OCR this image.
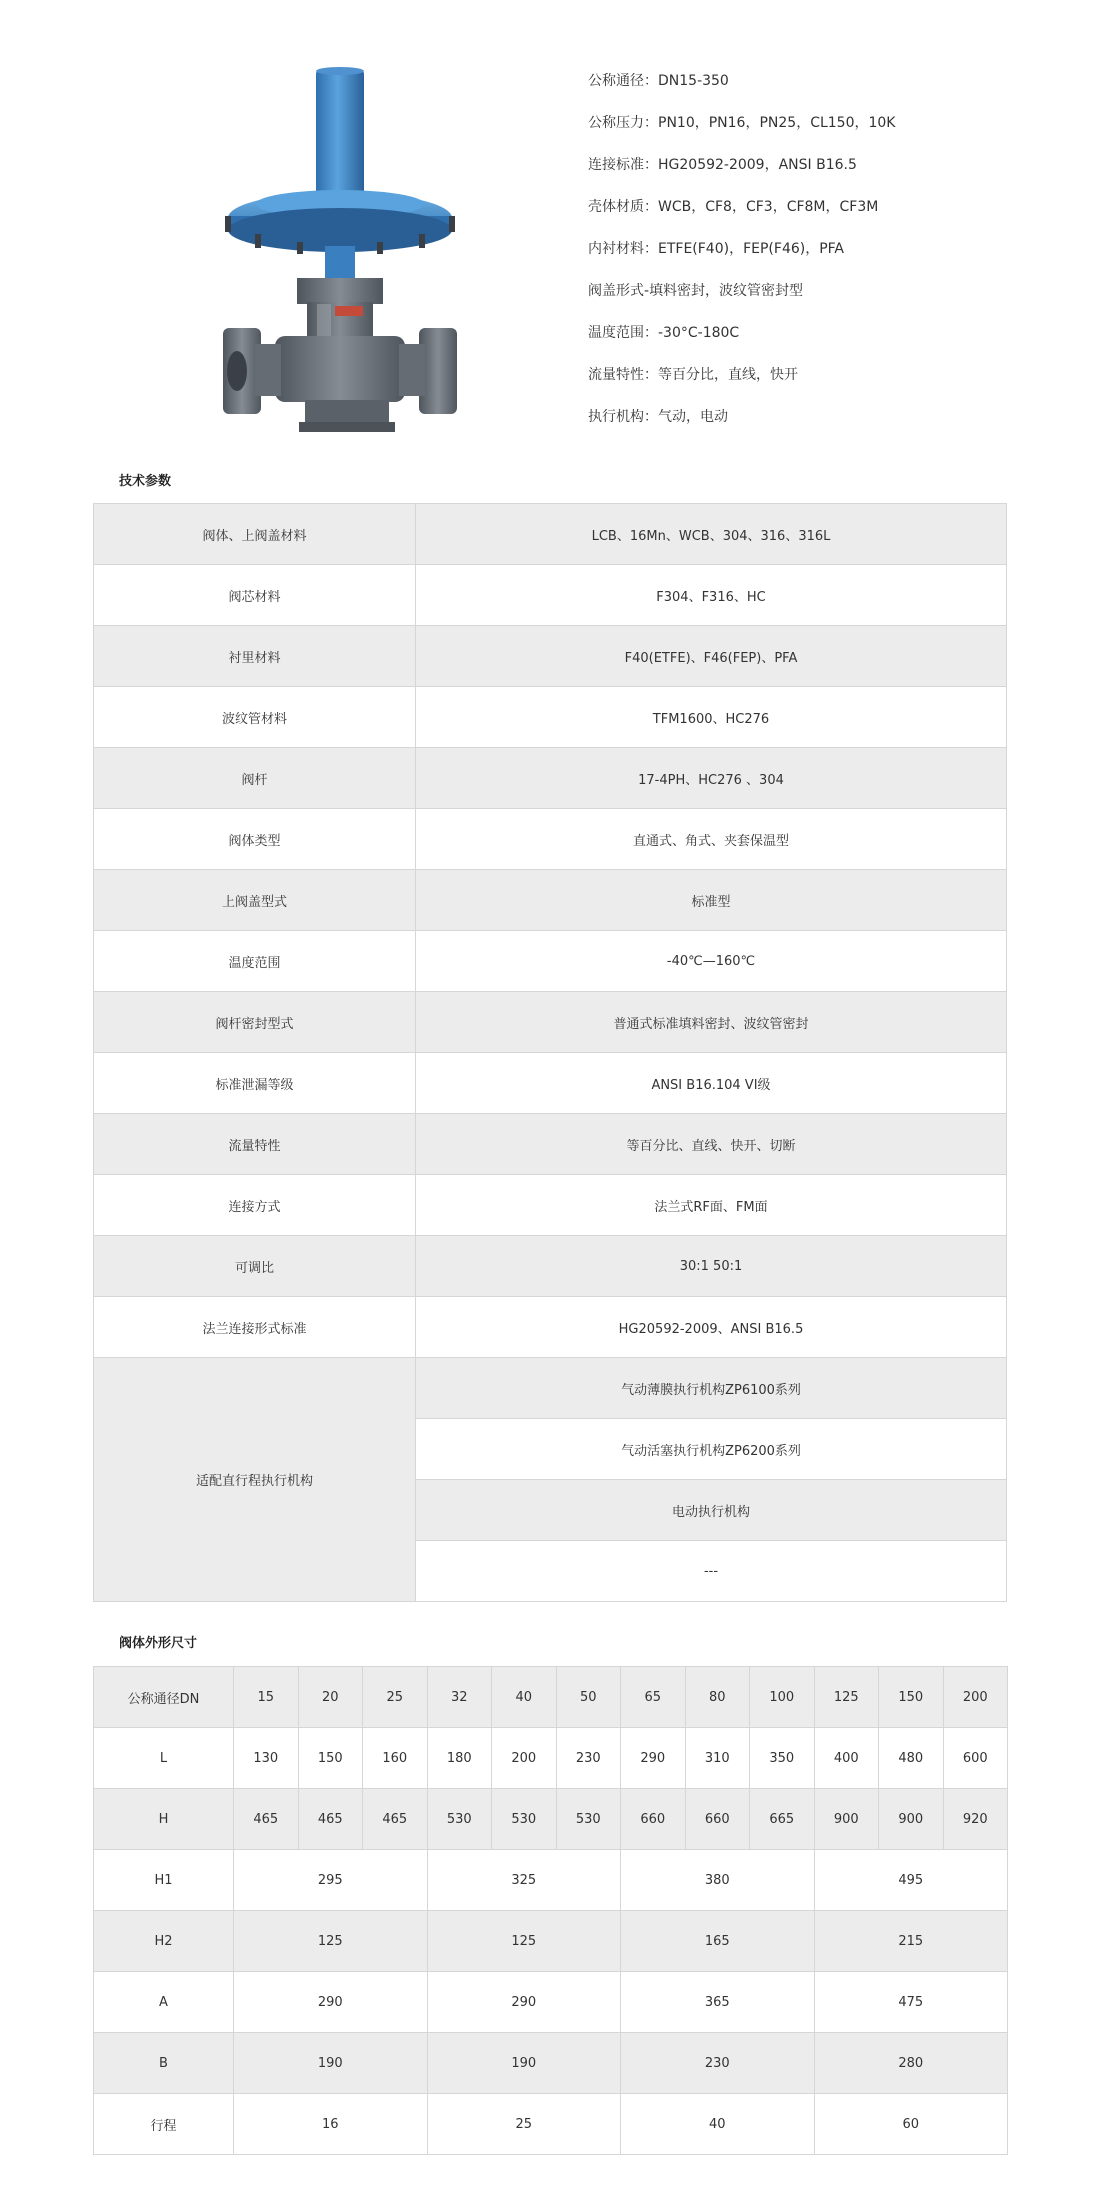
公称通径：DN15-350
公称压力：PN10，PN16，PN25，CL150，10K
连接标准：HG20592-2009，ANSI B16.5
壳体材质：WCB，CF8，CF3，CF8M，CF3M
内衬材料：ETFE(F40)，FEP(F46)，PFA
阀盖形式-填料密封，波纹管密封型
温度范围：-30°C-180C
流量特性：等百分比，直线，快开
执行机构：气动，电动
技术参数
阀体、上阀盖材料	LCB、16Mn、WCB、304、316、316L
阀芯材料	F304、F316、HC
衬里材料	F40(ETFE)、F46(FEP)、PFA
波纹管材料	TFM1600、HC276
阀杆	17-4PH、HC276 、304
阀体类型	直通式、角式、夹套保温型
上阀盖型式	标准型
温度范围	-40℃—160℃
阀杆密封型式	普通式标准填料密封、波纹管密封
标准泄漏等级	ANSI B16.104 VI级
流量特性	等百分比、直线、快开、切断
连接方式	法兰式RF面、FM面
可调比	30:1 50:1
法兰连接形式标准	HG20592-2009、ANSI B16.5
适配直行程执行机构	气动薄膜执行机构ZP6100系列
	气动活塞执行机构ZP6200系列
	电动执行机构
	---
阀体外形尺寸
公称通径DN	15	20	25	32	40	50	65	80	100	125	150	200
L	130	150	160	180	200	230	290	310	350	400	480	600
H	465	465	465	530	530	530	660	660	665	900	900	920
H1	295			325			380			495		
H2	125			125			165			215		
A	290			290			365			475		
B	190			190			230			280		
行程	16			25			40			60		
